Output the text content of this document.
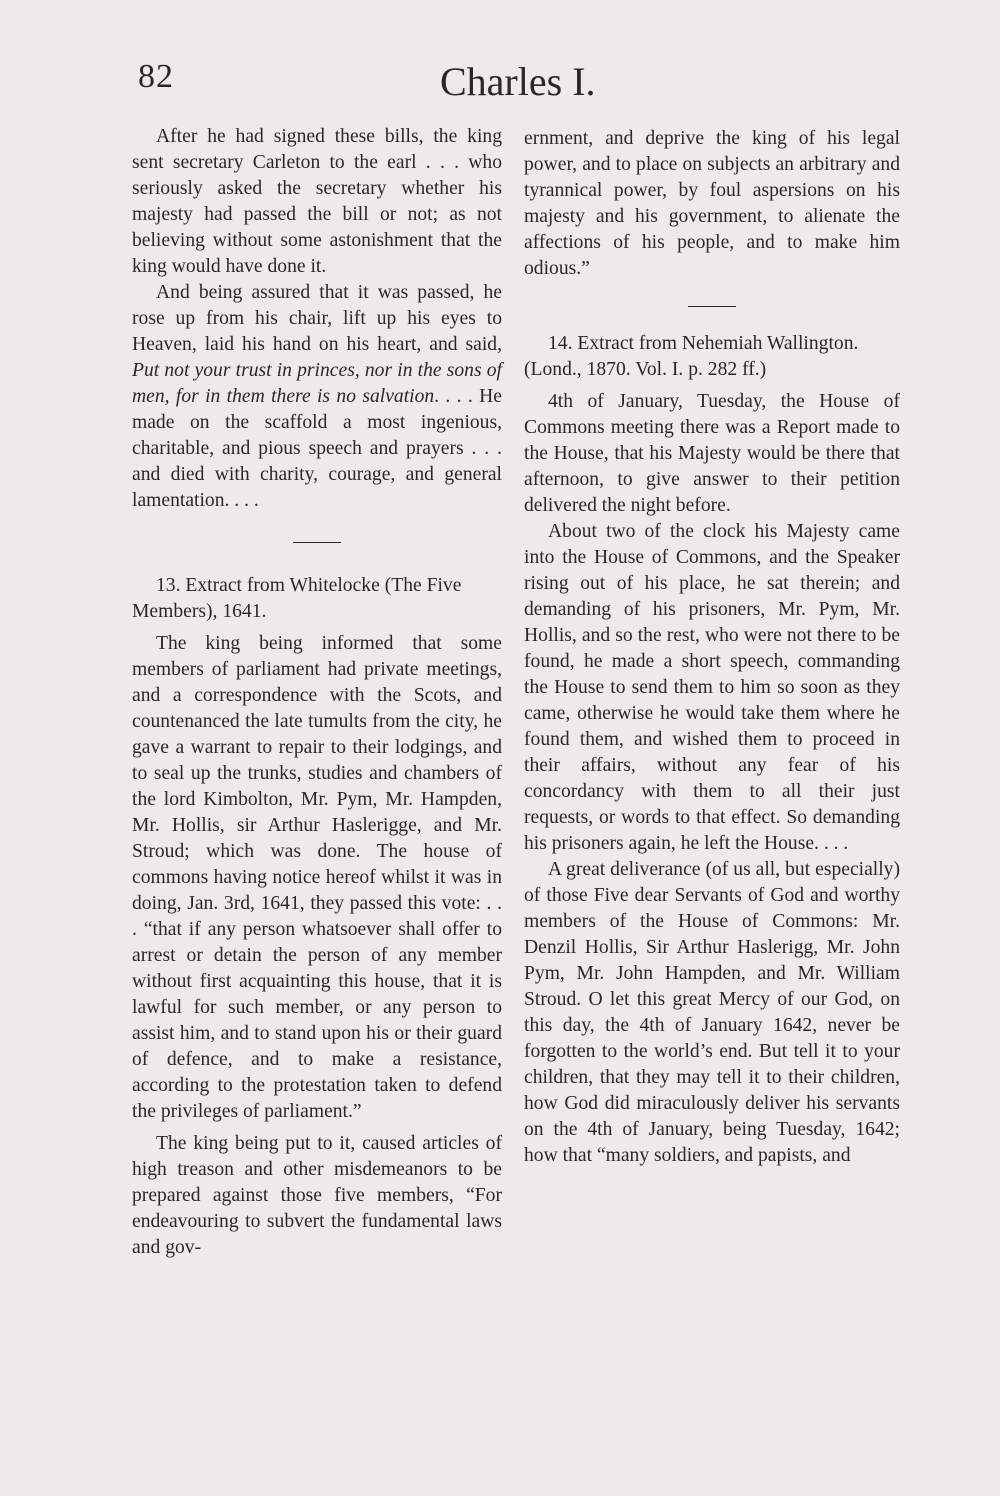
82	Charles I.

After he had signed these bills, the king sent secretary Carleton to the earl . . . who seriously asked the secretary whether his majesty had passed the bill or not; as not believing without some astonishment that the king would have done it.

And being assured that it was passed, he rose up from his chair, lift up his eyes to Heaven, laid his hand on his heart, and said, Put not your trust in princes, nor in the sons of men, for in them there is no salvation. . . . He made on the scaffold a most ingenious, charitable, and pious speech and prayers . . . and died with charity, courage, and general lamentation. . . .

13. Extract from Whitelocke (The Five Members), 1641.

The king being informed that some members of parliament had private meetings, and a correspondence with the Scots, and countenanced the late tumults from the city, he gave a warrant to repair to their lodgings, and to seal up the trunks, studies and chambers of the lord Kimbolton, Mr. Pym, Mr. Hampden, Mr. Hollis, sir Arthur Haslerigge, and Mr. Stroud; which was done. The house of commons having notice hereof whilst it was in doing, Jan. 3rd, 1641, they passed this vote: . . . “that if any person whatsoever shall offer to arrest or detain the person of any member without first acquainting this house, that it is lawful for such member, or any person to assist him, and to stand upon his or their guard of defence, and to make a resistance, according to the protestation taken to defend the privileges of parliament.”

The king being put to it, caused articles of high treason and other misdemeanors to be prepared against those five members, “For endeavouring to subvert the fundamental laws and gov-

ernment, and deprive the king of his legal power, and to place on subjects an arbitrary and tyrannical power, by foul aspersions on his majesty and his government, to alienate the affections of his people, and to make him odious.”

14. Extract from Nehemiah Wallington. (Lond., 1870. Vol. I. p. 282 ff.)

4th of January, Tuesday, the House of Commons meeting there was a Report made to the House, that his Majesty would be there that afternoon, to give answer to their petition delivered the night before.

About two of the clock his Majesty came into the House of Commons, and the Speaker rising out of his place, he sat therein; and demanding of his prisoners, Mr. Pym, Mr. Hollis, and so the rest, who were not there to be found, he made a short speech, commanding the House to send them to him so soon as they came, otherwise he would take them where he found them, and wished them to proceed in their affairs, without any fear of his concordancy with them to all their just requests, or words to that effect. So demanding his prisoners again, he left the House. . . .

A great deliverance (of us all, but especially) of those Five dear Servants of God and worthy members of the House of Commons: Mr. Denzil Hollis, Sir Arthur Haslerigg, Mr. John Pym, Mr. John Hampden, and Mr. William Stroud. O let this great Mercy of our God, on this day, the 4th of January 1642, never be forgotten to the world’s end. But tell it to your children, that they may tell it to their children, how God did miraculously deliver his servants on the 4th of January, being Tuesday, 1642; how that “many soldiers, and papists, and
